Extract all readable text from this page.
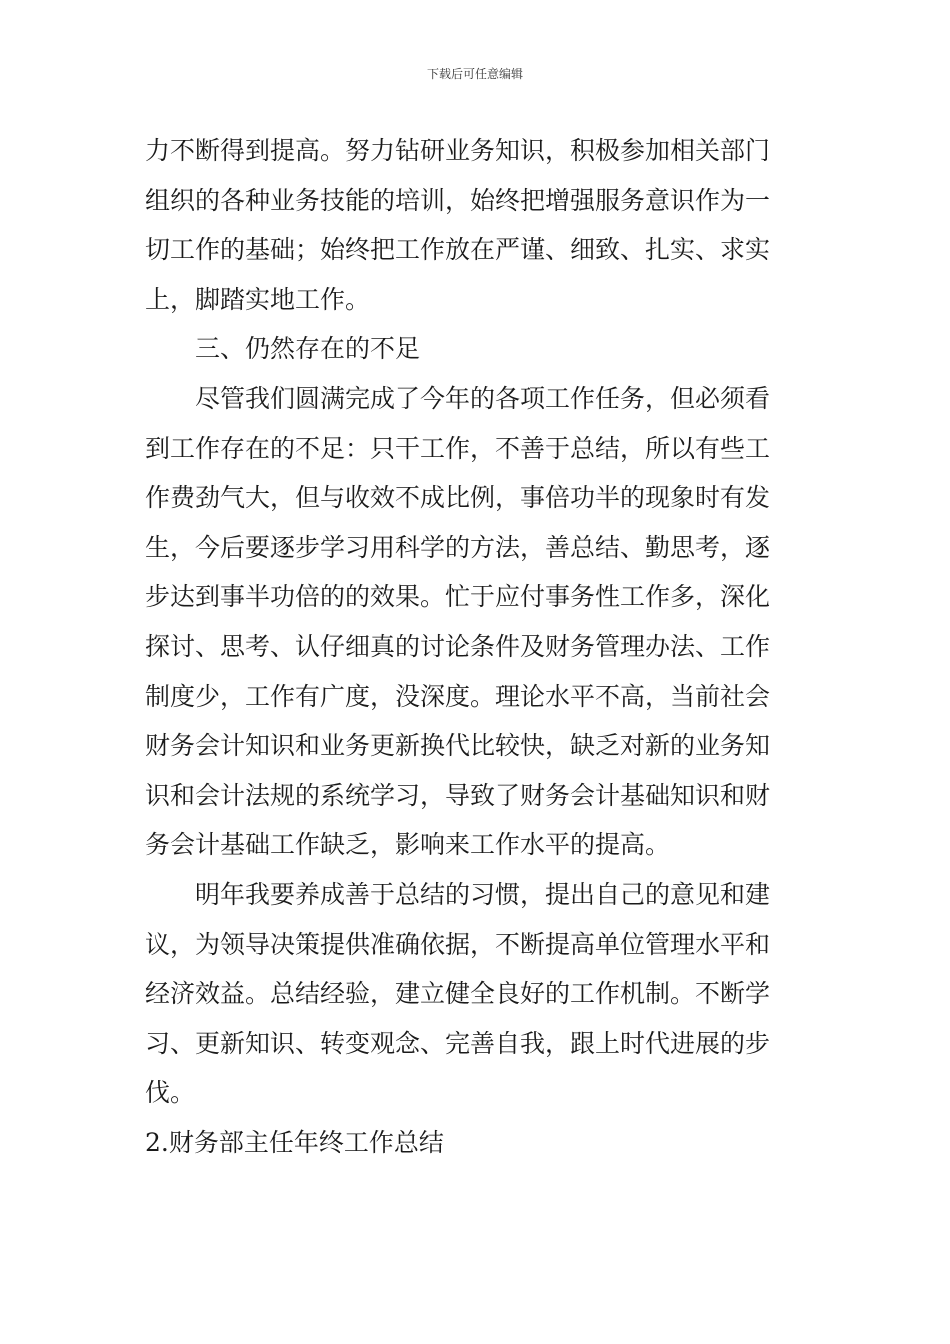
下载后可任意编辑
力不断得到提高。努力钻研业务知识，积极参加相关部门
组织的各种业务技能的培训，始终把增强服务意识作为一
切工作的基础；始终把工作放在严谨、细致、扎实、求实
上，脚踏实地工作。
三、仍然存在的不足
尽管我们圆满完成了今年的各项工作任务，但必须看
到工作存在的不足：只干工作，不善于总结，所以有些工
作费劲气大，但与收效不成比例，事倍功半的现象时有发
生，今后要逐步学习用科学的方法，善总结、勤思考，逐
步达到事半功倍的的效果。忙于应付事务性工作多，深化
探讨、思考、认仔细真的讨论条件及财务管理办法、工作
制度少，工作有广度，没深度。理论水平不高，当前社会
财务会计知识和业务更新换代比较快，缺乏对新的业务知
识和会计法规的系统学习，导致了财务会计基础知识和财
务会计基础工作缺乏，影响来工作水平的提高。
明年我要养成善于总结的习惯，提出自己的意见和建
议，为领导决策提供准确依据，不断提高单位管理水平和
经济效益。总结经验，建立健全良好的工作机制。不断学
习、更新知识、转变观念、完善自我，跟上时代进展的步
伐。
2.财务部主任年终工作总结
